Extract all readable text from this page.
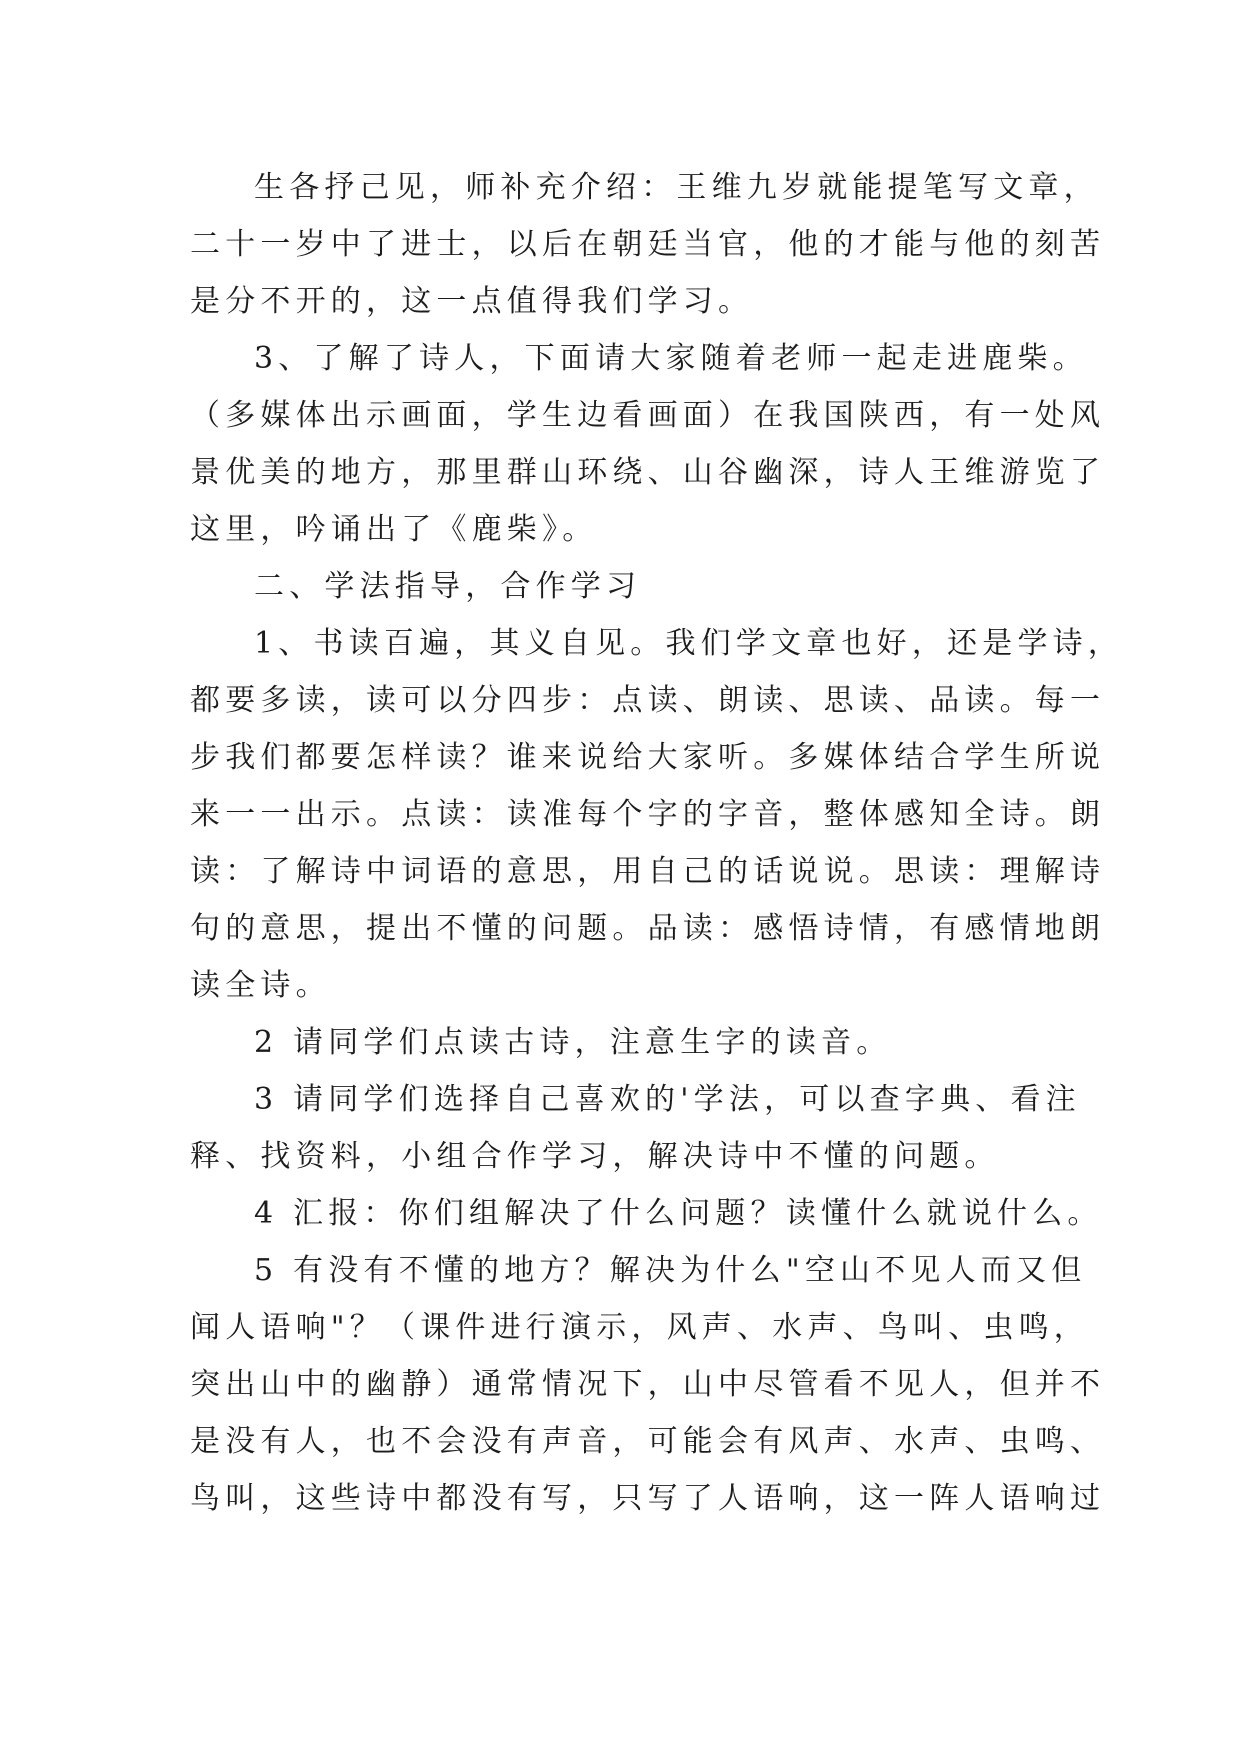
生各抒己见，师补充介绍：王维九岁就能提笔写文章，
二十一岁中了进士，以后在朝廷当官，他的才能与他的刻苦
是分不开的，这一点值得我们学习。
3、了解了诗人，下面请大家随着老师一起走进鹿柴。
（多媒体出示画面，学生边看画面）在我国陕西，有一处风
景优美的地方，那里群山环绕、山谷幽深，诗人王维游览了
这里，吟诵出了《鹿柴》。
二、学法指导，合作学习
1、书读百遍，其义自见。我们学文章也好，还是学诗，
都要多读，读可以分四步：点读、朗读、思读、品读。每一
步我们都要怎样读？谁来说给大家听。多媒体结合学生所说
来一一出示。点读：读准每个字的字音，整体感知全诗。朗
读：了解诗中词语的意思，用自己的话说说。思读：理解诗
句的意思，提出不懂的问题。品读：感悟诗情，有感情地朗
读全诗。
2 请同学们点读古诗，注意生字的读音。
3 请同学们选择自己喜欢的'学法，可以查字典、看注
释、找资料，小组合作学习，解决诗中不懂的问题。
4 汇报：你们组解决了什么问题？读懂什么就说什么。
5 有没有不懂的地方？解决为什么"空山不见人而又但
闻人语响"？（课件进行演示，风声、水声、鸟叫、虫鸣，
突出山中的幽静）通常情况下，山中尽管看不见人，但并不
是没有人，也不会没有声音，可能会有风声、水声、虫鸣、
鸟叫，这些诗中都没有写，只写了人语响，这一阵人语响过
